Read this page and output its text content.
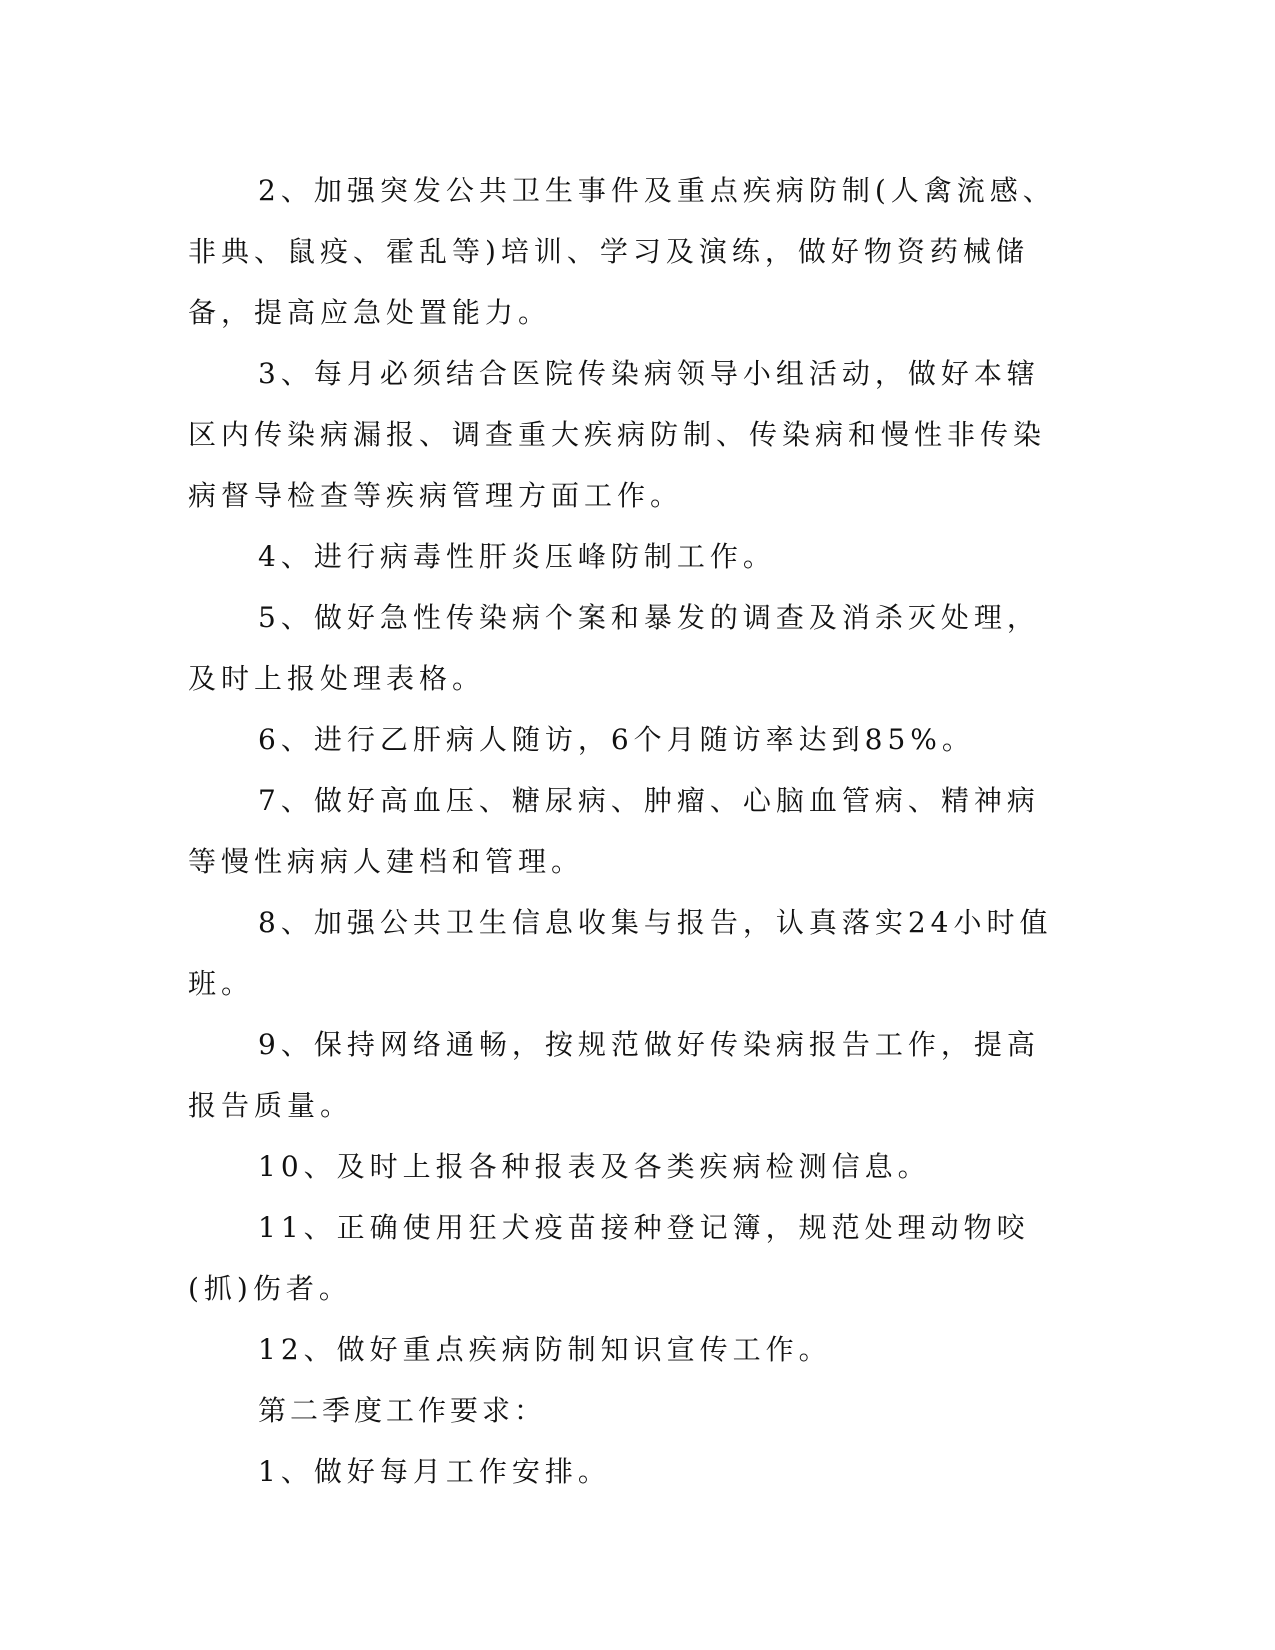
2、加强突发公共卫生事件及重点疾病防制(人禽流感、非典、鼠疫、霍乱等)培训、学习及演练，做好物资药械储备，提高应急处置能力。

3、每月必须结合医院传染病领导小组活动，做好本辖区内传染病漏报、调查重大疾病防制、传染病和慢性非传染病督导检查等疾病管理方面工作。

4、进行病毒性肝炎压峰防制工作。

5、做好急性传染病个案和暴发的调查及消杀灭处理，及时上报处理表格。

6、进行乙肝病人随访，6个月随访率达到85%。

7、做好高血压、糖尿病、肿瘤、心脑血管病、精神病等慢性病病人建档和管理。

8、加强公共卫生信息收集与报告，认真落实24小时值班。

9、保持网络通畅，按规范做好传染病报告工作，提高报告质量。

10、及时上报各种报表及各类疾病检测信息。

11、正确使用狂犬疫苗接种登记簿，规范处理动物咬(抓)伤者。

12、做好重点疾病防制知识宣传工作。

第二季度工作要求：

1、做好每月工作安排。
